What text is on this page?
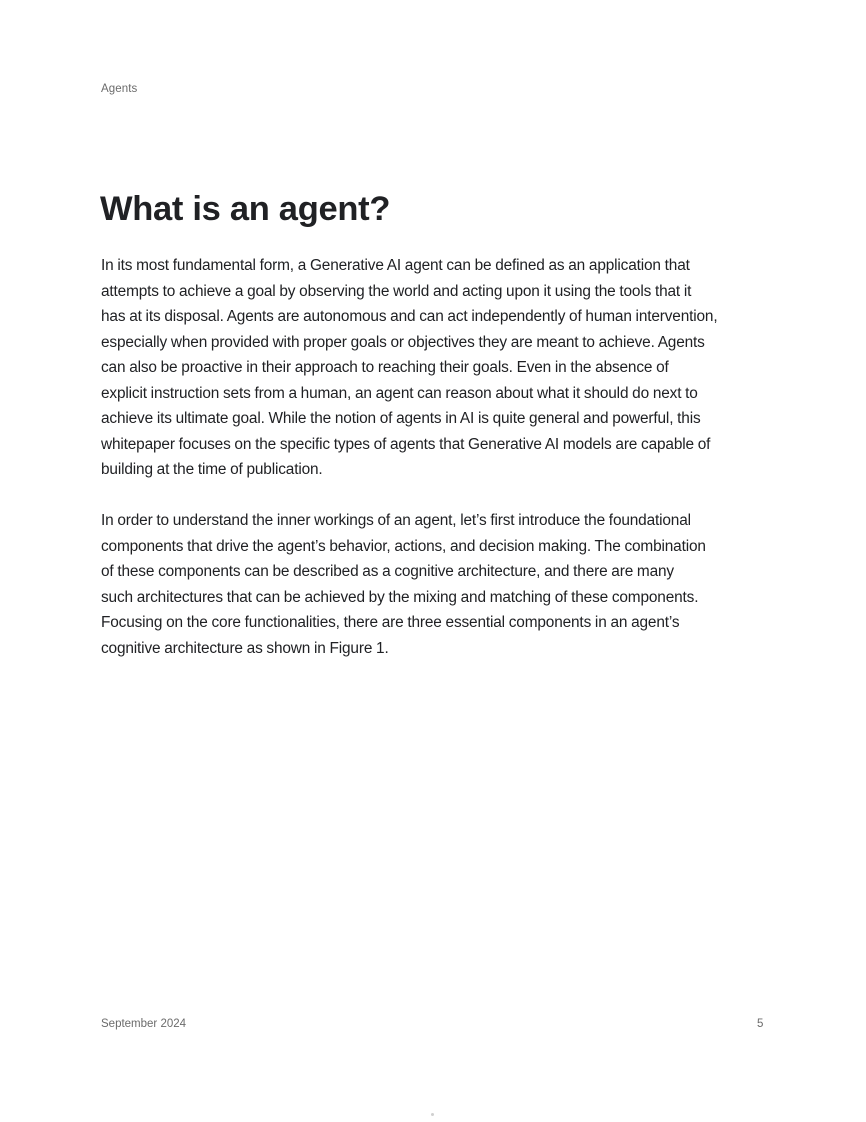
Agents
What is an agent?

In its most fundamental form, a Generative AI agent can be defined as an application that
attempts to achieve a goal by observing the world and acting upon it using the tools that it
has at its disposal. Agents are autonomous and can act independently of human intervention,
especially when provided with proper goals or objectives they are meant to achieve. Agents
can also be proactive in their approach to reaching their goals. Even in the absence of
explicit instruction sets from a human, an agent can reason about what it should do next to
achieve its ultimate goal. While the notion of agents in AI is quite general and powerful, this
whitepaper focuses on the specific types of agents that Generative AI models are capable of
building at the time of publication.

In order to understand the inner workings of an agent, let’s first introduce the foundational
components that drive the agent’s behavior, actions, and decision making. The combination
of these components can be described as a cognitive architecture, and there are many
such architectures that can be achieved by the mixing and matching of these components.
Focusing on the core functionalities, there are three essential components in an agent’s
cognitive architecture as shown in Figure 1.

September 2024	5
